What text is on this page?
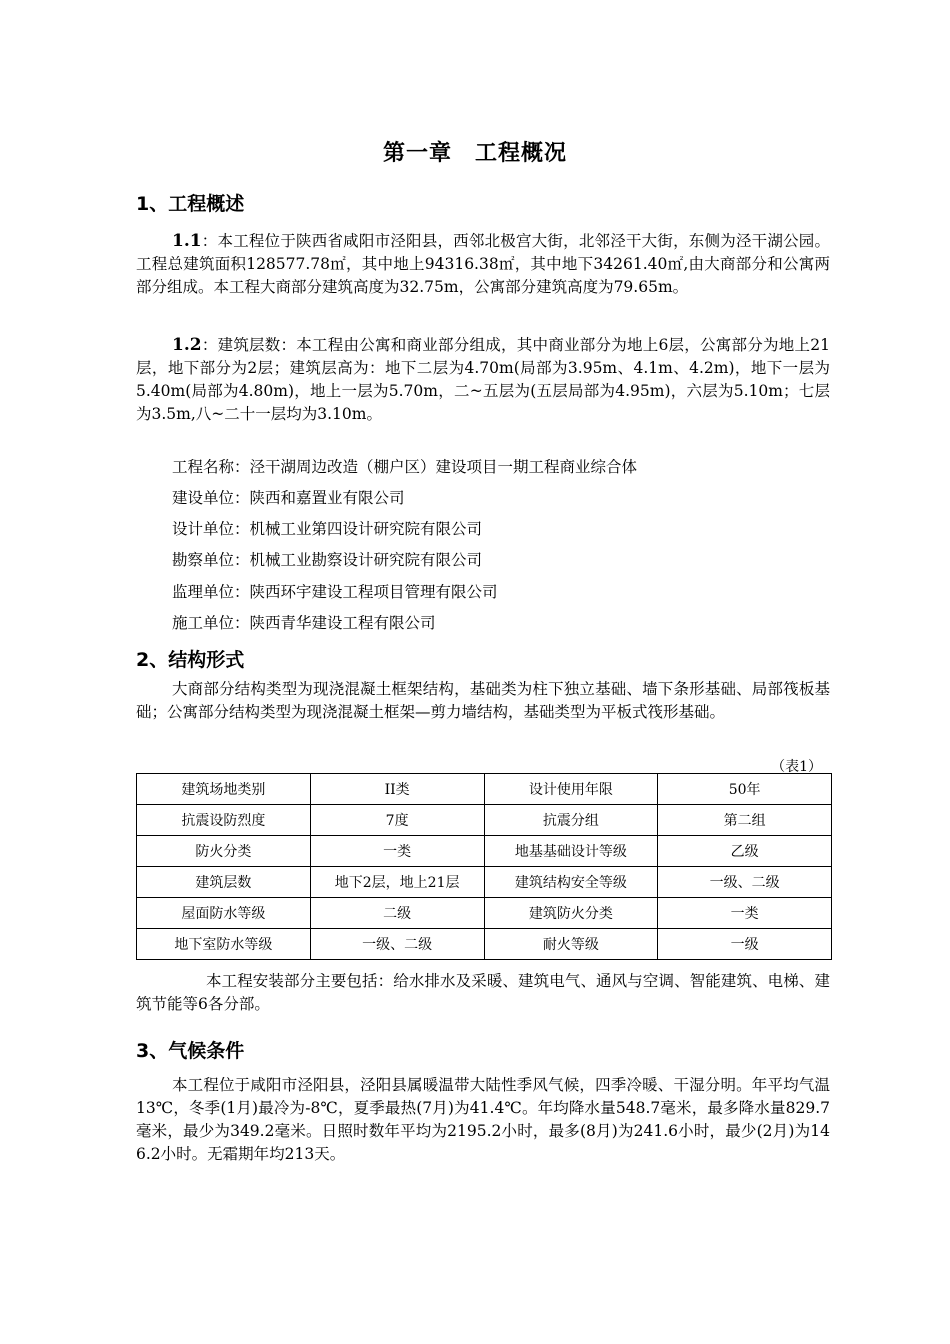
第一章　工程概况
1、工程概述
1.1：本工程位于陕西省咸阳市泾阳县，西邻北极宫大街，北邻泾干大街，东侧为泾干湖公园。工程总建筑面积128577.78㎡，其中地上94316.38㎡，其中地下34261.40㎡,由大商部分和公寓两部分组成。本工程大商部分建筑高度为32.75m，公寓部分建筑高度为79.65m。
1.2：建筑层数：本工程由公寓和商业部分组成，其中商业部分为地上6层，公寓部分为地上21层，地下部分为2层；建筑层高为：地下二层为4.70m(局部为3.95m、4.1m、4.2m)，地下一层为5.40m(局部为4.80m)，地上一层为5.70m，二~五层为(五层局部为4.95m)，六层为5.10m；七层为3.5m,八~二十一层均为3.10m。
工程名称：泾干湖周边改造（棚户区）建设项目一期工程商业综合体
建设单位：陕西和嘉置业有限公司
设计单位：机械工业第四设计研究院有限公司
勘察单位：机械工业勘察设计研究院有限公司
监理单位：陕西环宇建设工程项目管理有限公司
施工单位：陕西青华建设工程有限公司
2、结构形式
大商部分结构类型为现浇混凝土框架结构，基础类为柱下独立基础、墙下条形基础、局部筏板基础；公寓部分结构类型为现浇混凝土框架—剪力墙结构，基础类型为平板式筏形基础。
（表1）
建筑场地类别	II类	设计使用年限	50年
抗震设防烈度	7度	抗震分组	第二组
防火分类	一类	地基基础设计等级	乙级
建筑层数	地下2层，地上21层	建筑结构安全等级	一级、二级
屋面防水等级	二级	建筑防火分类	一类
地下室防水等级	一级、二级	耐火等级	一级
本工程安装部分主要包括：给水排水及采暖、建筑电气、通风与空调、智能建筑、电梯、建筑节能等6各分部。
3、气候条件
本工程位于咸阳市泾阳县，泾阳县属暖温带大陆性季风气候，四季冷暖、干湿分明。年平均气温13℃，冬季(1月)最冷为-8℃，夏季最热(7月)为41.4℃。年均降水量548.7毫米，最多降水量829.7毫米，最少为349.2毫米。日照时数年平均为2195.2小时，最多(8月)为241.6小时，最少(2月)为146.2小时。无霜期年均213天。
